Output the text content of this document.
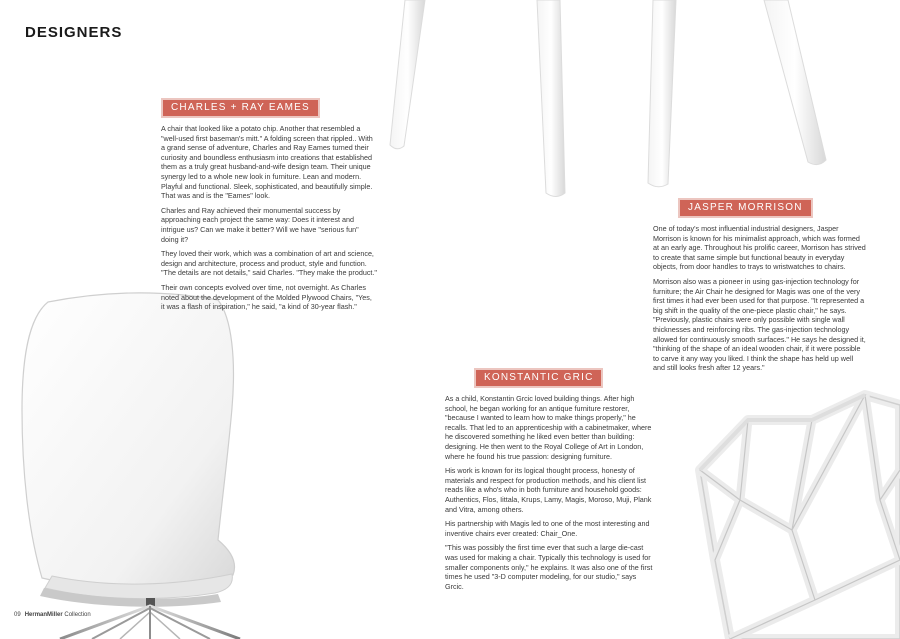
DESIGNERS
CHARLES + RAY EAMES

A chair that looked like a potato chip. Another that resembled a "well-used first baseman's mitt." A folding screen that rippled.. With a grand sense of adventure, Charles and Ray Eames turned their curiosity and boundless enthusiasm into creations that established them as a truly great husband-and-wife design team. Their unique synergy led to a whole new look in furniture. Lean and modern. Playful and functional. Sleek, sophisticated, and beautifully simple. That was and is the "Eames" look.

Charles and Ray achieved their monumental success by approaching each project the same way: Does it interest and intrigue us? Can we make it better? Will we have "serious fun" doing it?

They loved their work, which was a combination of art and science, design and architecture, process and product, style and function. "The details are not details," said Charles. "They make the product."

Their own concepts evolved over time, not overnight. As Charles noted about the development of the Molded Plywood Chairs, "Yes, it was a flash of inspiration," he said, "a kind of 30-year flash."

JASPER MORRISON

One of today's most influential industrial designers, Jasper Morrison is known for his minimalist approach, which was formed at an early age. Throughout his prolific career, Morrison has strived to create that same simple but functional beauty in everyday objects, from door handles to trays to wristwatches to chairs.

Morrison also was a pioneer in using gas-injection technology for furniture; the Air Chair he designed for Magis was one of the very first times it had ever been used for that purpose. "It represented a big shift in the quality of the one-piece plastic chair," he says. "Previously, plastic chairs were only possible with single wall thicknesses and reinforcing ribs. The gas-injection technology allowed for continuously smooth surfaces." He says he designed it, "thinking of the shape of an ideal wooden chair, if it were possible to carve it any way you liked. I think the shape has held up well and still looks fresh after 12 years."

KONSTANTIC GRIC

As a child, Konstantin Grcic loved building things. After high school, he began working for an antique furniture restorer, "because I wanted to learn how to make things properly," he recalls. That led to an apprenticeship with a cabinetmaker, where he discovered something he liked even better than building: designing. He then went to the Royal College of Art in London, where he found his true passion: designing furniture.

His work is known for its logical thought process, honesty of materials and respect for production methods, and his client list reads like a who's who in both furniture and household goods: Authentics, Flos, Iittala, Krups, Lamy, Magis, Moroso, Muji, Plank and Vitra, among others.

His partnership with Magis led to one of the most interesting and inventive chairs ever created: Chair_One.

"This was possibly the first time ever that such a large die-cast was used for making a chair. Typically this technology is used for smaller components only," he explains. It was also one of the first times he used "3-D computer modeling, for our studio," says Grcic.

09 HermanMiller Collection
